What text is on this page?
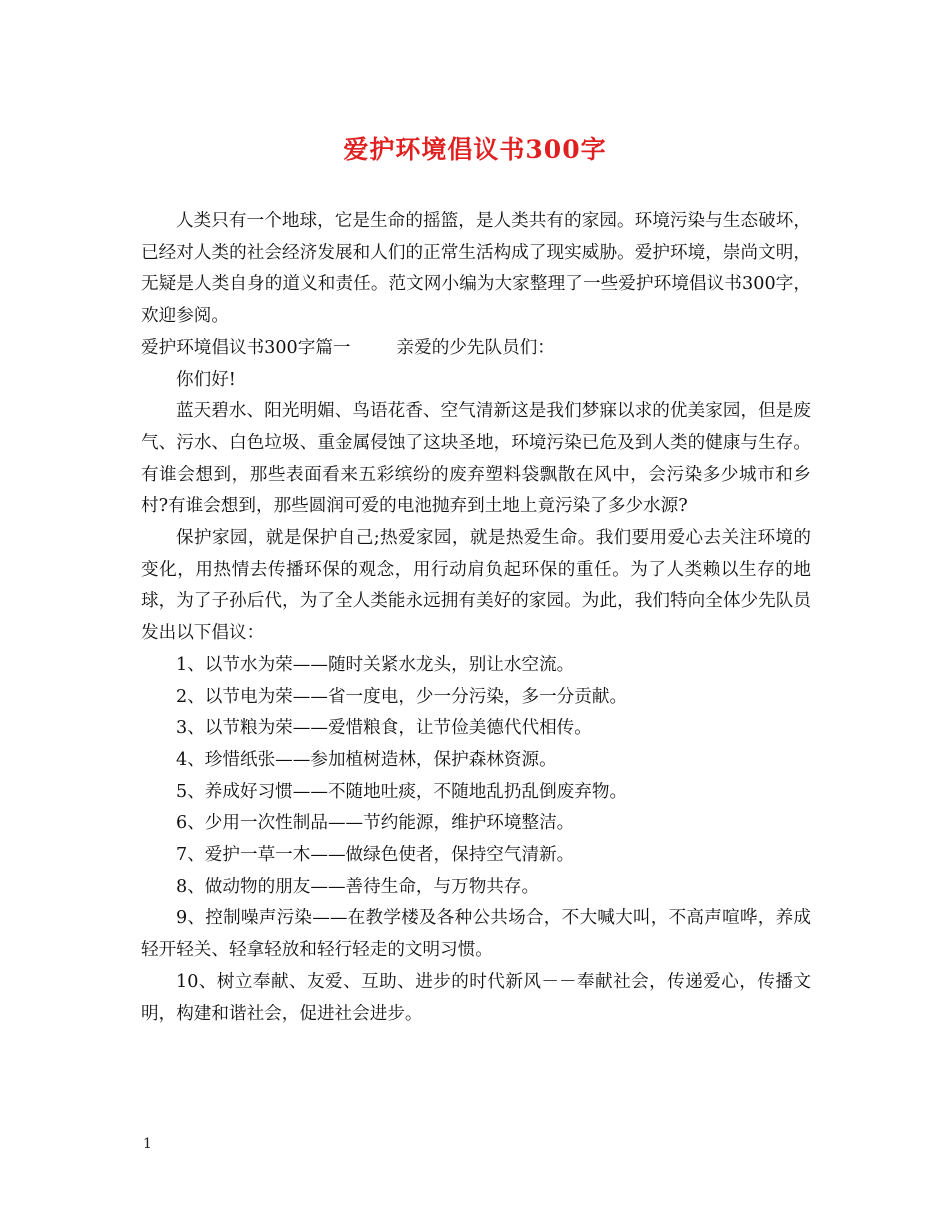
爱护环境倡议书300字

人类只有一个地球，它是生命的摇篮，是人类共有的家园。环境污染与生态破坏，已经对人类的社会经济发展和人们的正常生活构成了现实威胁。爱护环境，崇尚文明，无疑是人类自身的道义和责任。范文网小编为大家整理了一些爱护环境倡议书300字，欢迎参阅。

爱护环境倡议书300字篇一	亲爱的少先队员们：

你们好!

蓝天碧水、阳光明媚、鸟语花香、空气清新这是我们梦寐以求的优美家园，但是废气、污水、白色垃圾、重金属侵蚀了这块圣地，环境污染已危及到人类的健康与生存。有谁会想到，那些表面看来五彩缤纷的废弃塑料袋飘散在风中，会污染多少城市和乡村?有谁会想到，那些圆润可爱的电池抛弃到土地上竟污染了多少水源?

保护家园，就是保护自己;热爱家园，就是热爱生命。我们要用爱心去关注环境的变化，用热情去传播环保的观念，用行动肩负起环保的重任。为了人类赖以生存的地球，为了子孙后代，为了全人类能永远拥有美好的家园。为此，我们特向全体少先队员发出以下倡议：

1、以节水为荣——随时关紧水龙头，别让水空流。

2、以节电为荣——省一度电，少一分污染，多一分贡献。

3、以节粮为荣——爱惜粮食，让节俭美德代代相传。

4、珍惜纸张——参加植树造林，保护森林资源。

5、养成好习惯——不随地吐痰，不随地乱扔乱倒废弃物。

6、少用一次性制品——节约能源，维护环境整洁。

7、爱护一草一木——做绿色使者，保持空气清新。

8、做动物的朋友——善待生命，与万物共存。

9、控制噪声污染——在教学楼及各种公共场合，不大喊大叫，不高声喧哗，养成轻开轻关、轻拿轻放和轻行轻走的文明习惯。

10、树立奉献、友爱、互助、进步的时代新风－－奉献社会，传递爱心，传播文明，构建和谐社会，促进社会进步。

1
